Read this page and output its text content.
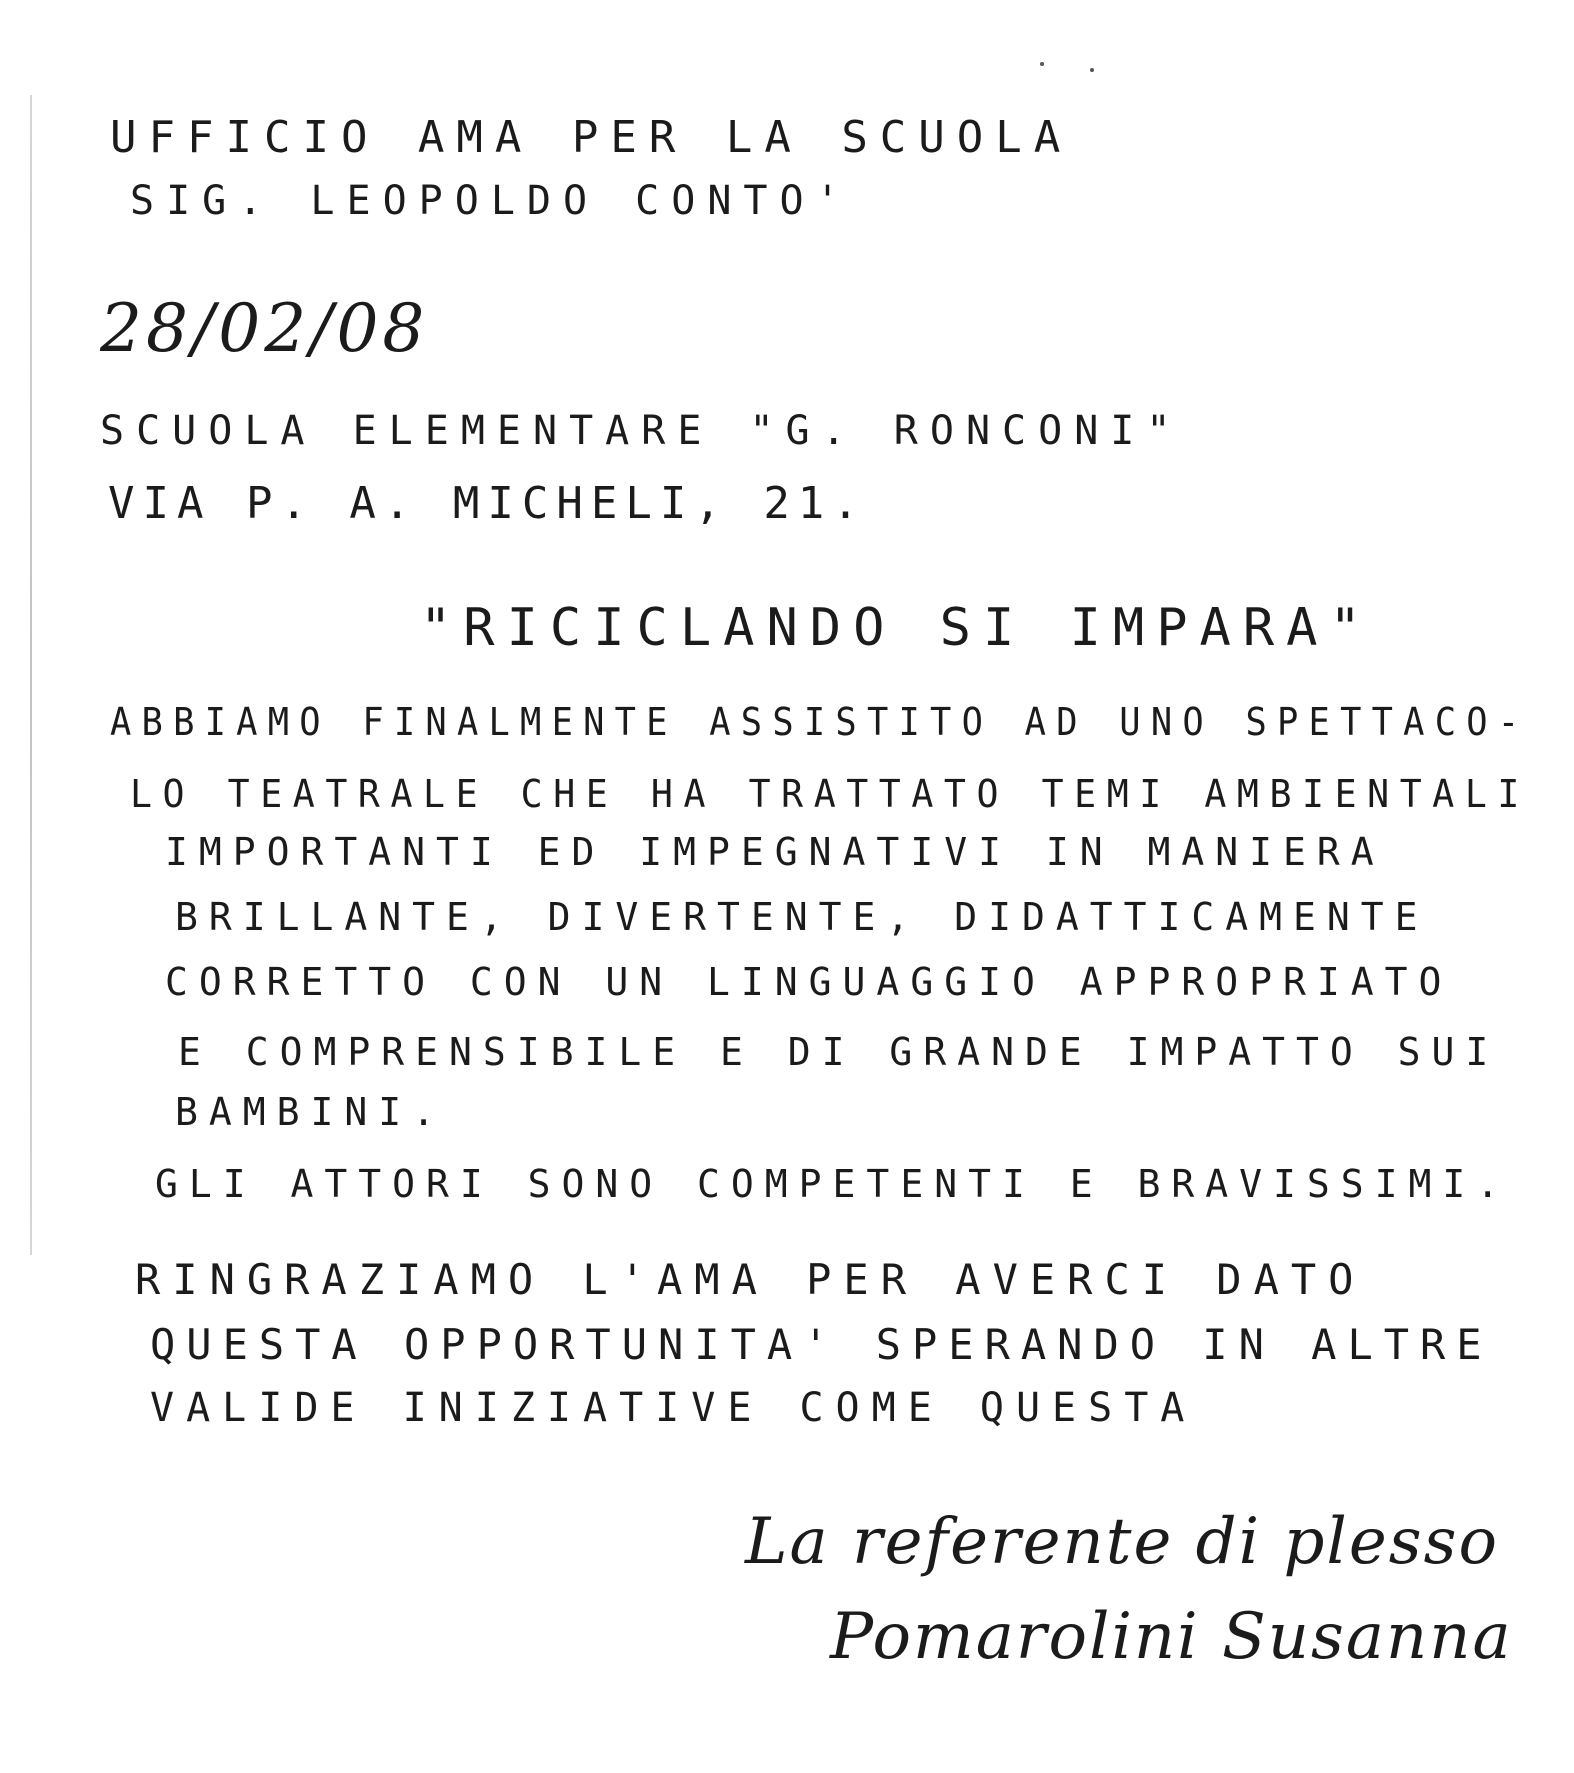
UFFICIO AMA PER LA SCUOLA
SIG. LEOPOLDO CONTO'
28/02/08
SCUOLA ELEMENTARE "G. RONCONI"
VIA P. A. MICHELI, 21.
"RICICLANDO SI IMPARA"
ABBIAMO FINALMENTE ASSISTITO AD UNO SPETTACO-
LO TEATRALE CHE HA TRATTATO TEMI AMBIENTALI
IMPORTANTI ED IMPEGNATIVI IN MANIERA
BRILLANTE, DIVERTENTE, DIDATTICAMENTE
CORRETTO CON UN LINGUAGGIO APPROPRIATO
E COMPRENSIBILE E DI GRANDE IMPATTO SUI
BAMBINI.
GLI ATTORI SONO COMPETENTI E BRAVISSIMI.
RINGRAZIAMO L'AMA PER AVERCI DATO
QUESTA OPPORTUNITA' SPERANDO IN ALTRE
VALIDE INIZIATIVE COME QUESTA
La referente di plesso
Pomarolini Susanna
